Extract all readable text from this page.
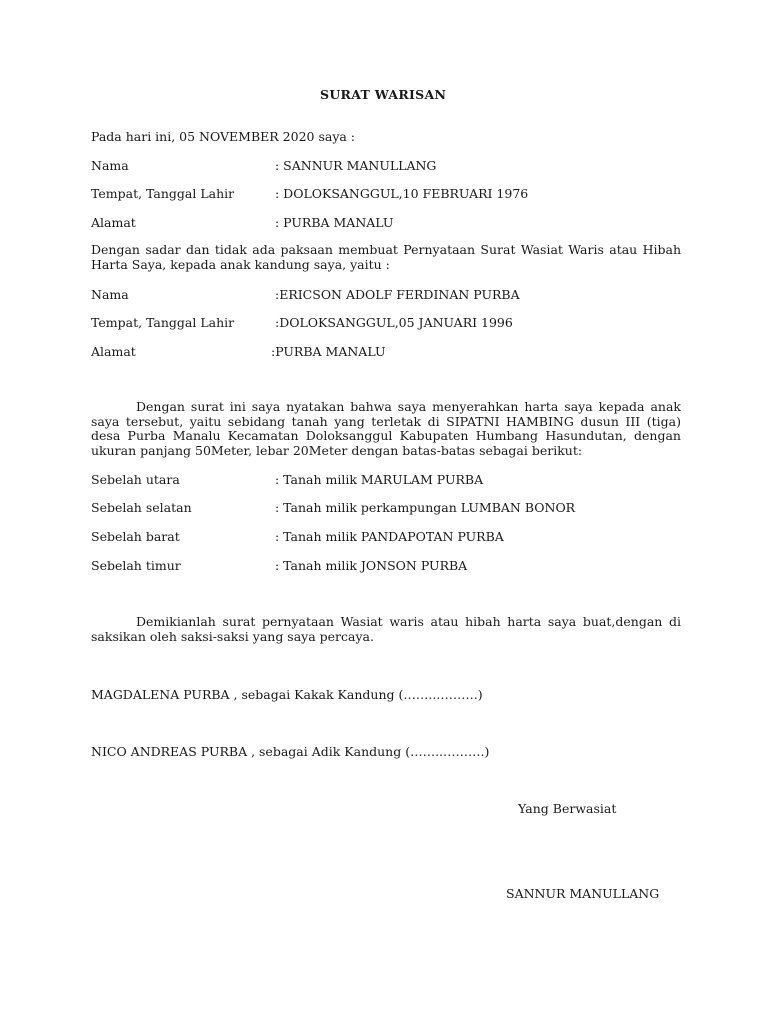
SURAT WARISAN
Pada hari ini, 05 NOVEMBER 2020 saya :
Nama	: SANNUR MANULLANG
Tempat, Tanggal Lahir	: DOLOKSANGGUL,10 FEBRUARI 1976
Alamat	: PURBA MANALU
Dengan sadar dan tidak ada paksaan membuat Pernyataan Surat Wasiat Waris atau Hibah Harta Saya, kepada anak kandung saya, yaitu :
Nama	:ERICSON ADOLF FERDINAN PURBA
Tempat, Tanggal Lahir	:DOLOKSANGGUL,05 JANUARI 1996
Alamat	:PURBA MANALU
Dengan surat ini saya nyatakan bahwa saya menyerahkan harta saya kepada anak saya tersebut, yaitu sebidang tanah yang terletak di SIPATNI HAMBING dusun III (tiga) desa Purba Manalu Kecamatan Doloksanggul Kabupaten Humbang Hasundutan, dengan ukuran panjang 50Meter, lebar 20Meter dengan batas-batas sebagai berikut:
Sebelah utara	: Tanah milik MARULAM PURBA
Sebelah selatan	: Tanah milik perkampungan LUMBAN BONOR
Sebelah barat	: Tanah milik PANDAPOTAN PURBA
Sebelah timur	: Tanah milik JONSON PURBA
Demikianlah surat pernyataan Wasiat waris atau hibah harta saya buat,dengan di saksikan oleh saksi-saksi yang saya percaya.
MAGDALENA PURBA , sebagai Kakak Kandung (……..……….)
NICO ANDREAS PURBA , sebagai Adik Kandung (……..……….)
Yang Berwasiat
SANNUR MANULLANG
